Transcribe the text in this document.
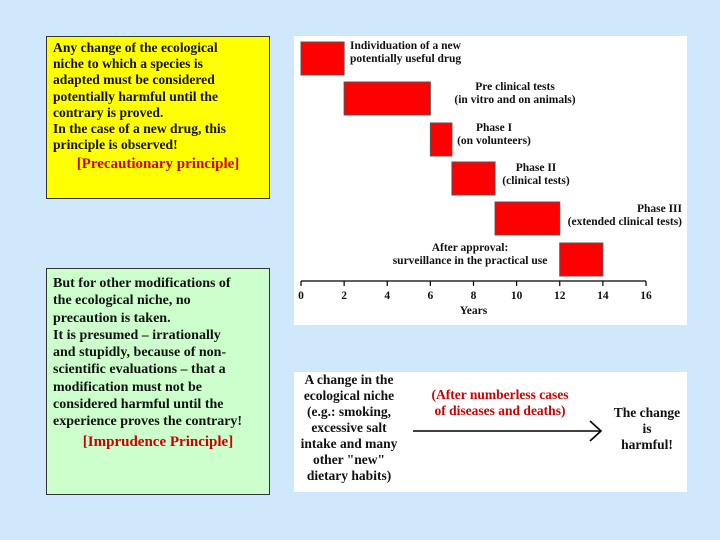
Any change of the ecological
niche to which a species is
adapted must be considered
potentially harmful until the
contrary is proved.
In the case of a new drug, this
principle is observed!
[Precautionary principle]
But for other modifications of
the ecological niche, no
precaution is taken.
It is presumed – irrationally
and stupidly, because of non-
scientific evaluations – that a
modification must not be
considered harmful until the
experience proves the contrary!
[Imprudence Principle]
Individuation of a new
potentially useful drug
Pre clinical tests
(in vitro and on animals)
Phase I
(on volunteers)
Phase II
(clinical tests)
Phase III
(extended clinical tests)
After approval:
surveillance in the practical use
0	2	4	6	8	10	12	14	16
Years
A change in the
ecological niche
(e.g.: smoking,
excessive salt
intake and many
other "new"
dietary habits)
(After numberless cases
of diseases and deaths)	The change
is
harmful!
